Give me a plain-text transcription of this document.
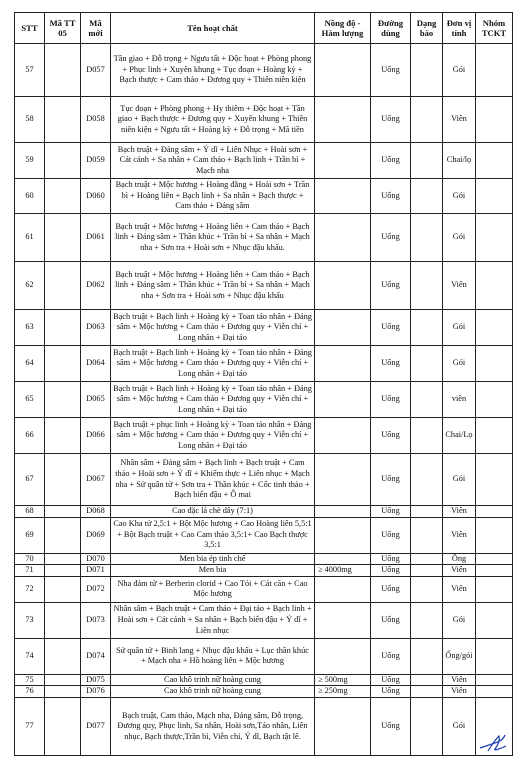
STT	Mã TT 05	Mã mới	Tên hoạt chất	Nồng độ - Hàm lượng	Đường dùng	Dạng bào	Đơn vị tính	Nhóm TCKT
57		D057	Tần giao + Đỗ trọng + Ngưu tất + Độc hoạt + Phòng phong + Phục linh + Xuyên khung + Tục đoạn + Hoàng kỳ + Bạch thược + Cam thảo + Đương quy + Thiên niên kiện		Uống		Gói	
58		D058	Tục đoạn + Phòng phong + Hy thiêm + Độc hoạt + Tần giao + Bạch thược + Đương quy + Xuyên khung + Thiên niên kiện + Ngưu tất + Hoàng kỳ + Đỗ trọng + Mã tiền		Uống		Viên	
59		D059	Bạch truật + Đảng sâm + Ý dĩ + Liên Nhục + Hoài sơn + Cát cánh + Sa nhân + Cam thảo + Bạch linh + Trần bì + Mạch nha		Uống		Chai/lọ	
60		D060	Bạch truật + Mộc hương + Hoàng đằng + Hoài sơn + Trần bì + Hoàng liên + Bạch linh + Sa nhân + Bạch thược + Cam thảo + Đảng sâm		Uống		Gói	
61		D061	Bạch truật + Mộc hương + Hoàng liên + Cam thảo + Bạch linh + Đảng sâm + Thần khúc + Trần bì + Sa nhân + Mạch nha + Sơn tra + Hoài sơn + Nhục đậu khấu.		Uống		Gói	
62		D062	Bạch truật + Mộc hương + Hoàng liên + Cam thảo + Bạch linh + Đảng sâm + Thần khúc + Trần bì + Sa nhân + Mạch nha + Sơn tra + Hoài sơn + Nhục đậu khấu		Uống		Viên	
63		D063	Bạch truật + Bạch linh + Hoàng kỳ + Toan táo nhân + Đảng sâm + Mộc hương + Cam thảo + Đương quy + Viễn chí + Long nhãn + Đại táo		Uống		Gói	
64		D064	Bạch truật + Bạch linh + Hoàng kỳ + Toan táo nhân + Đảng sâm + Mộc hương + Cam thảo + Đương quy + Viễn chí + Long nhãn + Đại táo		Uống		Gói	
65		D065	Bạch truật + Bạch linh + Hoàng kỳ + Toan táo nhân + Đảng sâm + Mộc hương + Cam thảo + Đương quy + Viễn chí + Long nhãn + Đại táo		Uống		viên	
66		D066	Bạch truật + phục linh + Hoàng kỳ + Toan táo nhân + Đảng sâm + Mộc hương + Cam thảo + Đương quy + Viễn chí + Long nhãn + Đại táo		Uống		Chai/Lọ	
67		D067	Nhân sâm + Đảng sâm + Bạch linh + Bạch truật + Cam thảo + Hoài sơn + Ý dĩ + Khiếm thực + Liên nhục + Mạch nha + Sử quân tử + Sơn tra + Thần khúc + Cốc tinh thảo + Bạch biển đậu + Ô mai		Uống		Gói	
68		D068	Cao đặc lá chè dây (7:1)		Uống		Viên	
69		D069	Cao Kha tử 2,5:1 + Bột Mộc hương + Cao Hoàng liên 5,5:1 + Bột Bạch truật + Cao Cam thảo 3,5:1+ Cao Bạch thược 3,5:1		Uống		Viên	
70		D070	Men bia ép tinh chế		Uống		Ống	
71		D071	Men bia	≥ 4000mg	Uống		Viên	
72		D072	Nha đảm tử + Berberin clorid + Cao Tỏi + Cát căn + Cao Mộc hương		Uống		Viên	
73		D073	Nhân sâm + Bạch truật + Cam thảo + Đại táo + Bạch linh + Hoài sơn + Cát cánh + Sa nhân + Bạch biển đậu + Ý dĩ + Liên nhục		Uống		Gói	
74		D074	Sử quân tử + Binh lang + Nhục đậu khấu + Lục thần khúc + Mạch nha + Hồ hoàng liên + Mộc hương		Uống		Ống/gói	
75		D075	Cao khô trinh nữ hoàng cung	≥ 500mg	Uống		Viên	
76		D076	Cao khô trinh nữ hoàng cung	≥ 250mg	Uống		Viên	
77		D077	Bạch truật, Cam thảo, Mạch nha, Đảng sâm, Đỗ trọng, Đương quy, Phục linh, Sa nhân, Hoài sơn,Táo nhân, Liên nhục, Bạch thược,Trần bì, Viễn chí, Ý dĩ, Bạch tật lê.		Uống		Gói	
